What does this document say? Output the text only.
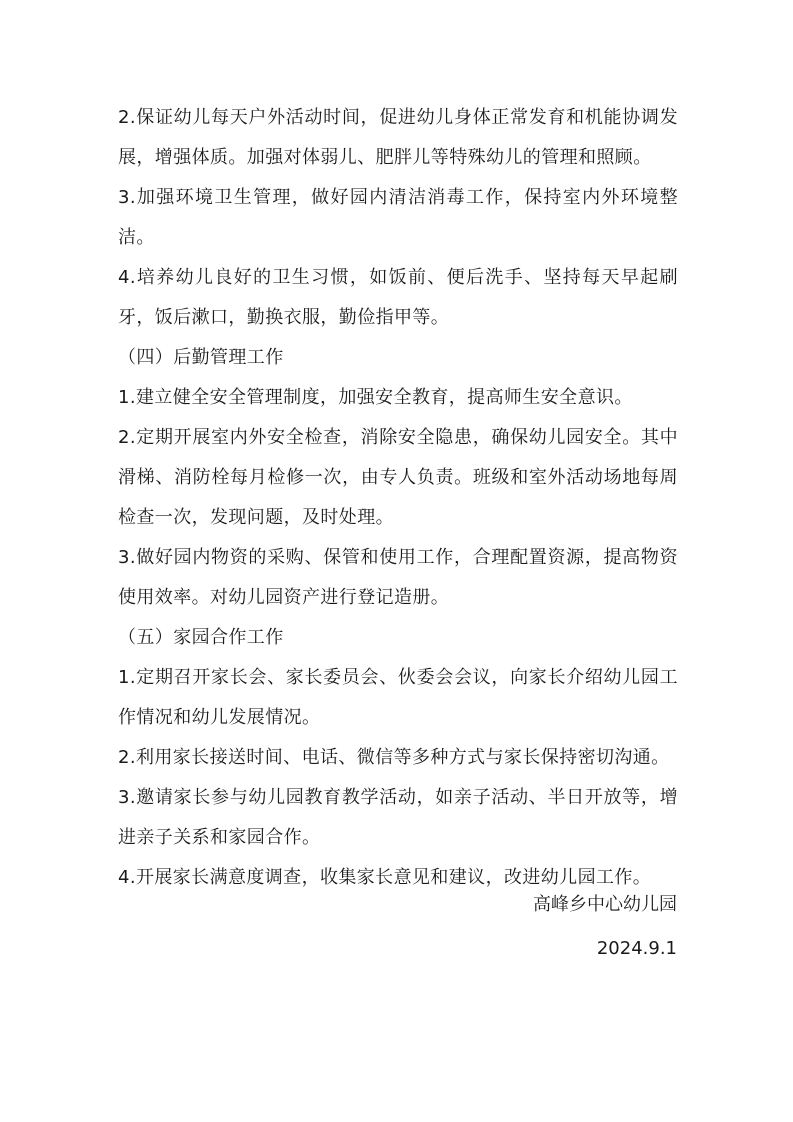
2.保证幼儿每天户外活动时间，促进幼儿身体正常发育和机能协调发展，增强体质。加强对体弱儿、肥胖儿等特殊幼儿的管理和照顾。

3.加强环境卫生管理，做好园内清洁消毒工作，保持室内外环境整洁。

4.培养幼儿良好的卫生习惯，如饭前、便后洗手、坚持每天早起刷牙，饭后漱口，勤换衣服，勤俭指甲等。

（四）后勤管理工作

1.建立健全安全管理制度，加强安全教育，提高师生安全意识。

2.定期开展室内外安全检查，消除安全隐患，确保幼儿园安全。其中滑梯、消防栓每月检修一次，由专人负责。班级和室外活动场地每周检查一次，发现问题，及时处理。

3.做好园内物资的采购、保管和使用工作，合理配置资源，提高物资使用效率。对幼儿园资产进行登记造册。

（五）家园合作工作

1.定期召开家长会、家长委员会、伙委会会议，向家长介绍幼儿园工作情况和幼儿发展情况。

2.利用家长接送时间、电话、微信等多种方式与家长保持密切沟通。

3.邀请家长参与幼儿园教育教学活动，如亲子活动、半日开放等，增进亲子关系和家园合作。

4.开展家长满意度调查，收集家长意见和建议，改进幼儿园工作。

高峰乡中心幼儿园

2024.9.1
